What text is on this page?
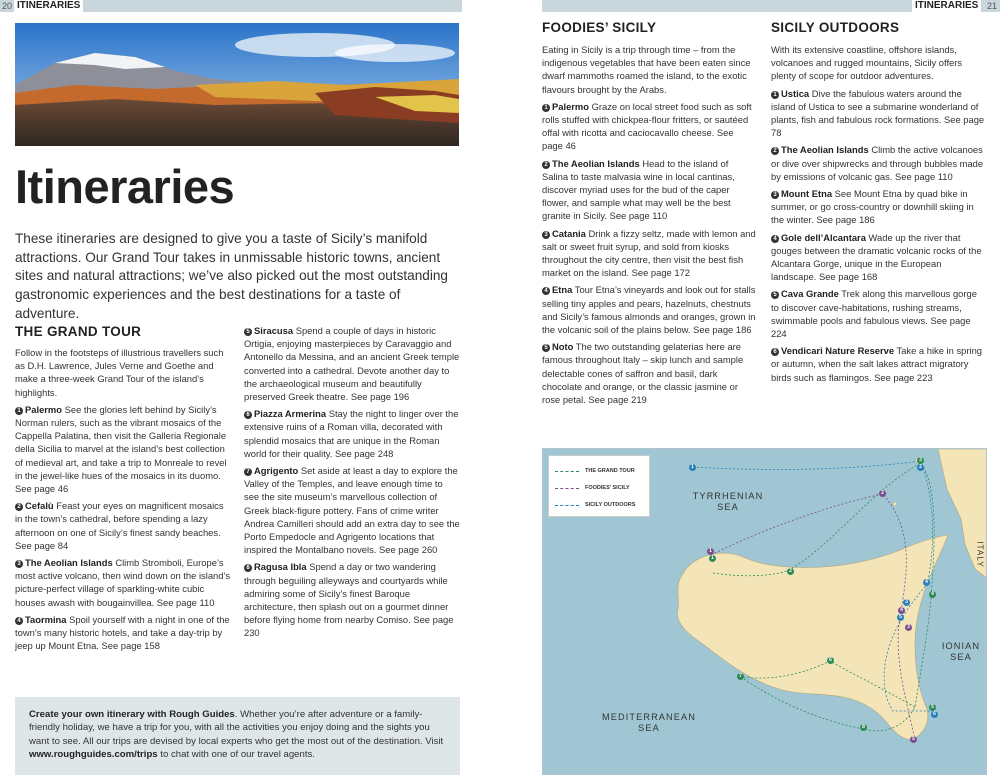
20 ITINERARIES	ITINERARIES 21
Itineraries

These itineraries are designed to give you a taste of Sicily’s manifold attractions. Our Grand Tour takes in unmissable historic towns, ancient sites and natural attractions; we’ve also picked out the most outstanding gastronomic experiences and the best destinations for a taste of adventure.

THE GRAND TOUR

Follow in the footsteps of illustrious travellers such as D.H. Lawrence, Jules Verne and Goethe and make a three-week Grand Tour of the island’s highlights.

1 Palermo See the glories left behind by Sicily’s Norman rulers, such as the vibrant mosaics of the Cappella Palatina, then visit the Galleria Regionale della Sicilia to marvel at the island’s best collection of medieval art, and take a trip to Monreale to revel in the jewel-like hues of the mosaics in its duomo. See page 46

2 Cefalù Feast your eyes on magnificent mosaics in the town’s cathedral, before spending a lazy afternoon on one of Sicily’s finest sandy beaches. See page 84

3 The Aeolian Islands Climb Stromboli, Europe’s most active volcano, then wind down on the island’s picture-perfect village of sparkling-white cubic houses awash with bougainvillea. See page 110

4 Taormina Spoil yourself with a night in one of the town’s many historic hotels, and take a day-trip by jeep up Mount Etna. See page 158

5 Siracusa Spend a couple of days in historic Ortigia, enjoying masterpieces by Caravaggio and Antonello da Messina, and an ancient Greek temple converted into a cathedral. Devote another day to the archaeological museum and beautifully preserved Greek theatre. See page 196

6 Piazza Armerina Stay the night to linger over the extensive ruins of a Roman villa, decorated with splendid mosaics that are unique in the Roman world for their quality. See page 248

7 Agrigento Set aside at least a day to explore the Valley of the Temples, and leave enough time to see the site museum’s marvellous collection of Greek black-figure pottery. Fans of crime writer Andrea Camilleri should add an extra day to see the Porto Empedocle and Agrigento locations that inspired the Montalbano novels. See page 260

8 Ragusa Ibla Spend a day or two wandering through beguiling alleyways and courtyards while admiring some of Sicily’s finest Baroque architecture, then splash out on a gourmet dinner before flying home from nearby Comiso. See page 230

Create your own itinerary with Rough Guides. Whether you’re after adventure or a family-friendly holiday, we have a trip for you, with all the activities you enjoy doing and the sights you want to see. All our trips are devised by local experts who get the most out of the destination. Visit www.roughguides.com/trips to chat with one of our travel agents.
FOODIES’ SICILY

Eating in Sicily is a trip through time – from the indigenous vegetables that have been eaten since dwarf mammoths roamed the island, to the exotic flavours brought by the Arabs.

1 Palermo Graze on local street food such as soft rolls stuffed with chickpea-flour fritters, or sautéed offal with ricotta and caciocavallo cheese. See page 46

2 The Aeolian Islands Head to the island of Salina to taste malvasia wine in local cantinas, discover myriad uses for the bud of the caper flower, and sample what may well be the best granite in Sicily. See page 110

3 Catania Drink a fizzy seltz, made with lemon and salt or sweet fruit syrup, and sold from kiosks throughout the city centre, then visit the best fish market on the island. See page 172

4 Etna Tour Etna’s vineyards and look out for stalls selling tiny apples and pears, hazelnuts, chestnuts and Sicily’s famous almonds and oranges, grown in the volcanic soil of the plains below. See page 186

5 Noto The two outstanding gelaterias here are famous throughout Italy – skip lunch and sample delectable cones of saffron and basil, dark chocolate and orange, or the classic jasmine or rose petal. See page 219

SICILY OUTDOORS

With its extensive coastline, offshore islands, volcanoes and rugged mountains, Sicily offers plenty of scope for outdoor adventures.

1 Ustica Dive the fabulous waters around the island of Ustica to see a submarine wonderland of plants, fish and fabulous rock formations. See page 78

2 The Aeolian Islands Climb the active volcanoes or dive over shipwrecks and through bubbles made by emissions of volcanic gas. See page 110

3 Mount Etna See Mount Etna by quad bike in summer, or go cross-country or downhill skiing in the winter. See page 186

4 Gole dell’Alcantara Wade up the river that gouges between the dramatic volcanic rocks of the Alcantara Gorge, unique in the European landscape. See page 168

5 Cava Grande Trek along this marvellous gorge to discover cave-habitations, rushing streams, swimmable pools and fabulous views. See page 224

6 Vendicari Nature Reserve Take a hike in spring or autumn, when the salt lakes attract migratory birds such as flamingos. See page 223

THE GRAND TOUR
FOODIES’ SICILY
SICILY OUTDOORS
TYRRHENIAN SEA
IONIAN SEA
MEDITERRANEAN SEA
ITALY
1
2
3
4
5
6
7
8
1
2
3
4
5
1	2
3
4
5
6
